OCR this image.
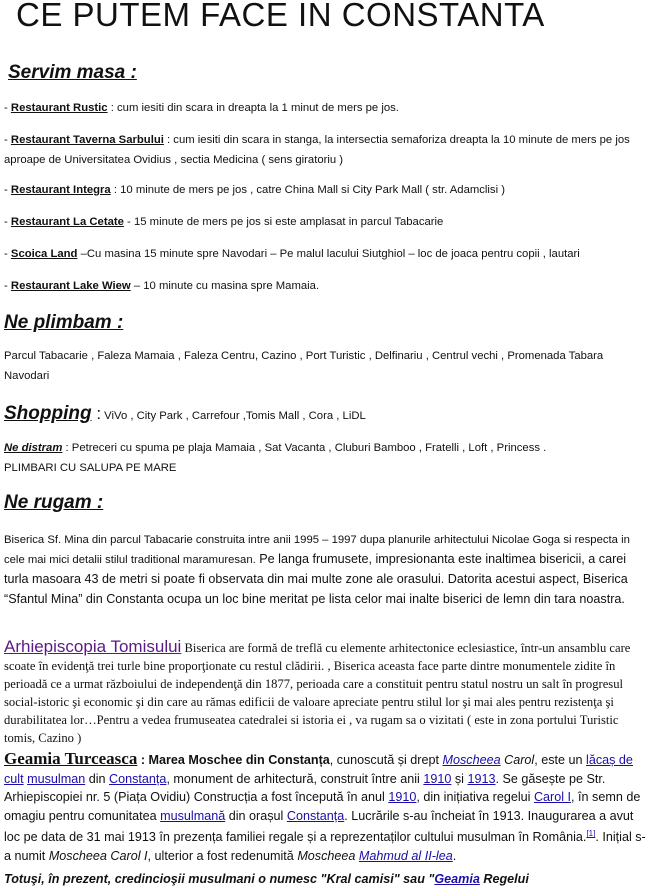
CE PUTEM FACE IN CONSTANTA
Servim masa :
- Restaurant Rustic : cum iesiti din scara in dreapta la 1 minut de mers pe jos.
- Restaurant Taverna Sarbului : cum iesiti din scara in stanga, la intersectia semaforiza dreapta la 10 minute de mers pe jos aproape de Universitatea Ovidius , sectia Medicina ( sens giratoriu )
- Restaurant Integra : 10 minute de mers pe jos , catre China Mall si City Park Mall ( str. Adamclisi )
- Restaurant La Cetate - 15 minute de mers pe jos si este amplasat in parcul Tabacarie
- Scoica Land –Cu masina 15 minute spre Navodari – Pe malul lacului Siutghiol – loc de joaca pentru copii , lautari
- Restaurant Lake Wiew – 10 minute cu masina spre Mamaia.
Ne plimbam :
Parcul Tabacarie , Faleza Mamaia , Faleza Centru, Cazino , Port Turistic , Delfinariu , Centrul vechi , Promenada Tabara Navodari
Shopping : ViVo , City Park , Carrefour ,Tomis Mall , Cora , LiDL
Ne distram : Petreceri cu spuma pe plaja Mamaia , Sat Vacanta , Cluburi Bamboo , Fratelli , Loft , Princess .
PLIMBARI CU SALUPA PE MARE
Ne rugam :
Biserica Sf. Mina din parcul Tabacarie construita intre anii 1995 – 1997 dupa planurile arhitectului Nicolae Goga si respecta in cele mai mici detalii stilul traditional maramuresan. Pe langa frumusete, impresionanta este inaltimea bisericii, a carei turla masoara 43 de metri si poate fi observata din mai multe zone ale orasului. Datorita acestui aspect, Biserica “Sfantul Mina” din Constanta ocupa un loc bine meritat pe lista celor mai inalte biserici de lemn din tara noastra.
Arhiepiscopia Tomisului Biserica are formă de treflă cu elemente arhitectonice eclesiastice, într-un ansamblu care scoate în evidenţă trei turle bine proporţionate cu restul clădirii. , Biserica aceasta face parte dintre monumentele zidite în perioadă ce a urmat războiului de independenţă din 1877, perioada care a constituit pentru statul nostru un salt în progresul social-istoric şi economic şi din care au rămas edificii de valoare apreciate pentru stilul lor şi mai ales pentru rezistenţa şi durabilitatea lor…Pentru a vedea frumuseatea catedralei si istoria ei , va rugam sa o vizitati ( este in zona portului Turistic tomis, Cazino )
Geamia Turceasca : Marea Moschee din Constanța, cunoscută și drept Moscheea Carol, este un lăcaș de cult musulman din Constanța, monument de arhitectură, construit între anii 1910 și 1913. Se găsește pe Str. Arhiepiscopiei nr. 5 (Piața Ovidiu) Construcția a fost începută în anul 1910, din inițiativa regelui Carol I, în semn de omagiu pentru comunitatea musulmană din orașul Constanța. Lucrările s-au încheiat în 1913. Inaugurarea a avut loc pe data de 31 mai 1913 în prezența familiei regale și a reprezentaților cultului musulman în România.[1]. Inițial s-a numit Moscheea Carol I, ulterior a fost redenumită Moscheea Mahmud al II-lea.
Totuşi, în prezent, credincioşii musulmani o numesc "Kral camisi" sau "Geamia Regelui
